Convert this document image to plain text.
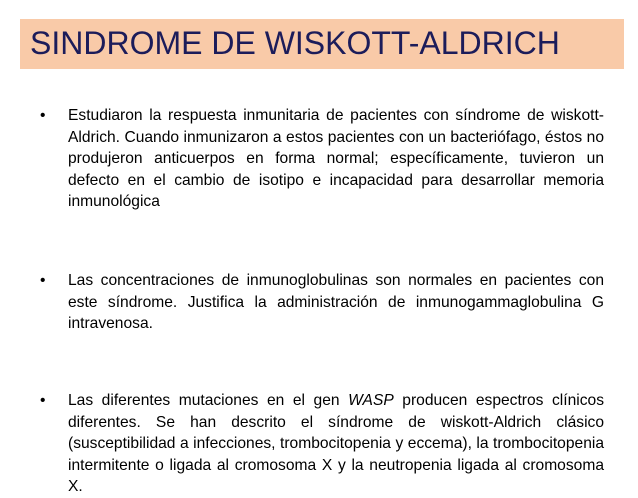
SINDROME DE WISKOTT-ALDRICH
•	Estudiaron la respuesta inmunitaria de pacientes con síndrome de wiskott-Aldrich. Cuando inmunizaron a estos pacientes con un bacteriófago, éstos no produjeron anticuerpos en forma normal; específicamente, tuvieron un defecto en el cambio de isotipo e incapacidad para desarrollar memoria inmunológica

•	Las concentraciones de inmunoglobulinas son normales en pacientes con este síndrome. Justifica la administración de inmunogammaglobulina G intravenosa.

•	Las diferentes mutaciones en el gen WASP producen espectros clínicos diferentes. Se han descrito el síndrome de wiskott-Aldrich clásico (susceptibilidad a infecciones, trombocitopenia y eccema), la trombocitopenia intermitente o ligada al cromosoma X y la neutropenia ligada al cromosoma X.
